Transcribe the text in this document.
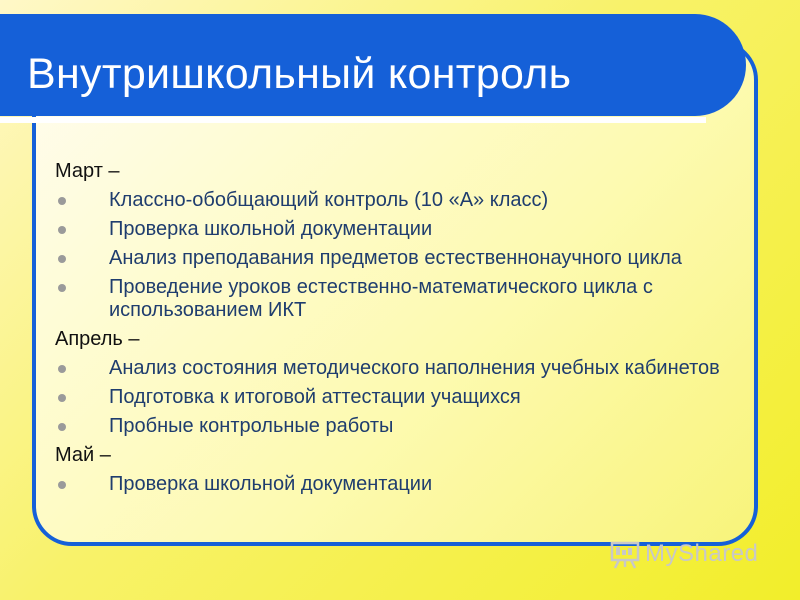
Внутришкольный контроль
Март –
Классно-обобщающий контроль (10 «А» класс)
Проверка школьной документации
Анализ преподавания предметов естественнонаучного цикла
Проведение уроков естественно-математического цикла с использованием ИКТ
Апрель –
Анализ состояния методического наполнения учебных кабинетов
Подготовка к итоговой аттестации учащихся
Пробные контрольные работы
Май –
Проверка школьной документации
MyShared
